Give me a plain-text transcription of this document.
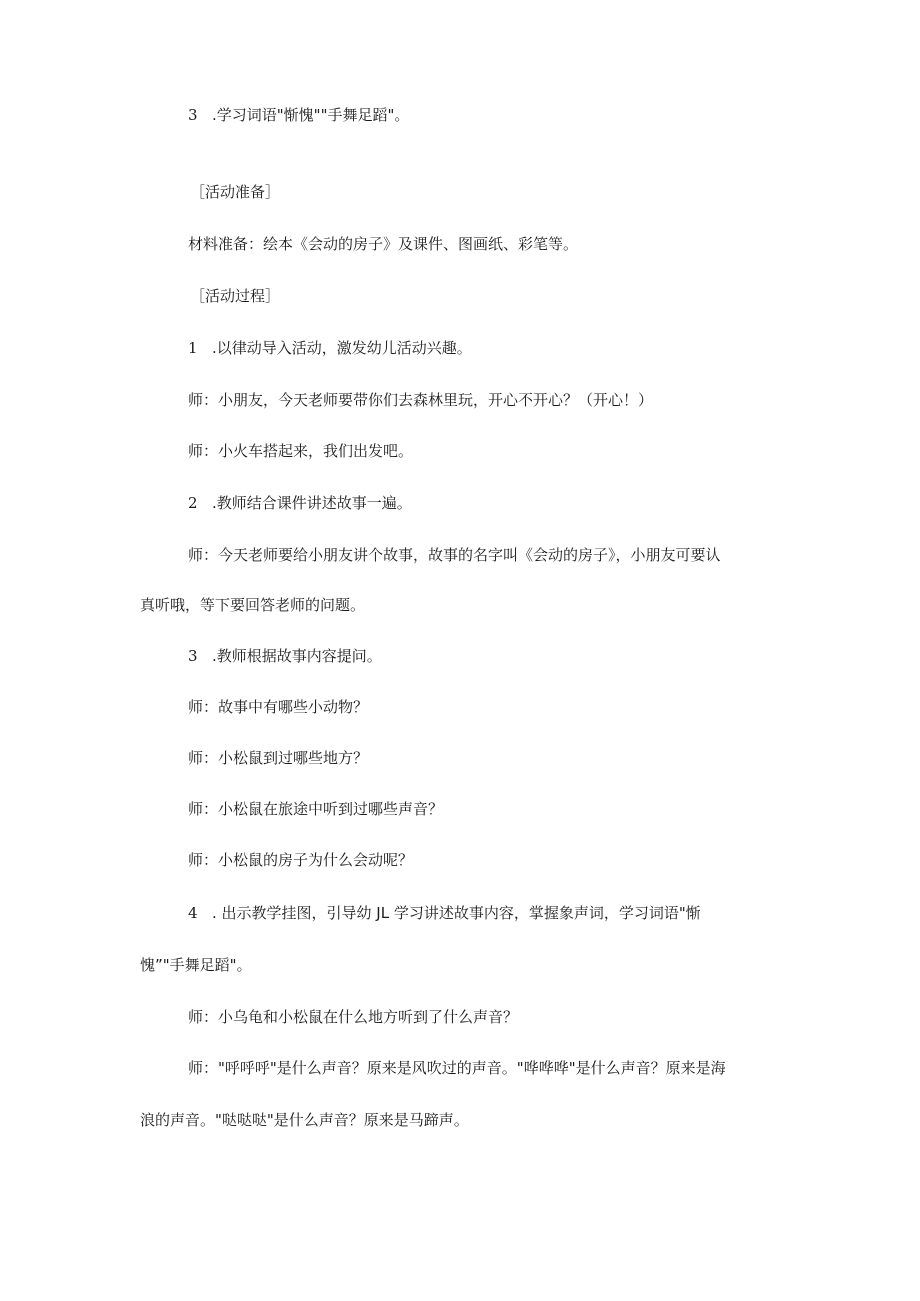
3 .学习词语"惭愧""手舞足蹈"。
［活动准备］
材料准备：绘本《会动的房子》及课件、图画纸、彩笔等。
［活动过程］
1 .以律动导入活动，激发幼儿活动兴趣。
师：小朋友，今天老师要带你们去森林里玩，开心不开心？（开心！）
师：小火车搭起来，我们出发吧。
2 .教师结合课件讲述故事一遍。
师：今天老师要给小朋友讲个故事，故事的名字叫《会动的房子》，小朋友可要认
真听哦，等下要回答老师的问题。
3 .教师根据故事内容提问。
师：故事中有哪些小动物？
师：小松鼠到过哪些地方？
师：小松鼠在旅途中听到过哪些声音？
师：小松鼠的房子为什么会动呢？
4 . 出示教学挂图，引导幼 JL 学习讲述故事内容，掌握象声词，学习词语"惭
愧”"手舞足蹈"。
师：小乌龟和小松鼠在什么地方听到了什么声音？
师："呼呼呼"是什么声音？原来是风吹过的声音。"哗哗哗"是什么声音？原来是海
浪的声音。"哒哒哒"是什么声音？原来是马蹄声。
